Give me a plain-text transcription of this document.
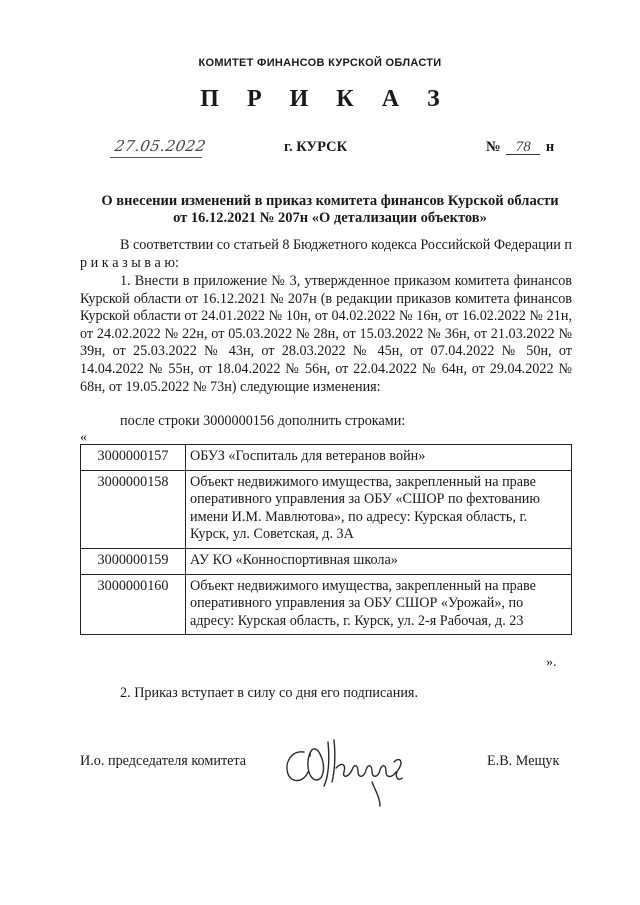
КОМИТЕТ ФИНАНСОВ КУРСКОЙ ОБЛАСТИ
П Р И К А З
27.05.2022	г. КУРСК	№ 78 н
О внесении изменений в приказ комитета финансов Курской области
от 16.12.2021 № 207н «О детализации объектов»
В соответствии со статьей 8 Бюджетного кодекса Российской Федерации п р и к а з ы в а ю:
1. Внести в приложение № 3, утвержденное приказом комитета финансов Курской области от 16.12.2021 № 207н (в редакции приказов комитета финансов Курской области от 24.01.2022 № 10н, от 04.02.2022 № 16н, от 16.02.2022 № 21н, от 24.02.2022 № 22н, от 05.03.2022 № 28н, от 15.03.2022 № 36н, от 21.03.2022 № 39н, от 25.03.2022 № 43н, от 28.03.2022 № 45н, от 07.04.2022 № 50н, от 14.04.2022 № 55н, от 18.04.2022 № 56н, от 22.04.2022 № 64н, от 29.04.2022 № 68н, от 19.05.2022 № 73н) следующие изменения:
после строки 3000000156 дополнить строками:
«
3000000157	ОБУЗ «Госпиталь для ветеранов войн»
3000000158	Объект недвижимого имущества, закрепленный на праве оперативного управления за ОБУ «СШОР по фехтованию имени И.М. Мавлютова», по адресу: Курская область, г. Курск, ул. Советская, д. 3А
3000000159	АУ КО «Конноспортивная школа»
3000000160	Объект недвижимого имущества, закрепленный на праве оперативного управления за ОБУ СШОР «Урожай», по адресу: Курская область, г. Курск, ул. 2-я Рабочая, д. 23
».
2. Приказ вступает в силу со дня его подписания.
И.о. председателя комитета	Е.В. Мещук
